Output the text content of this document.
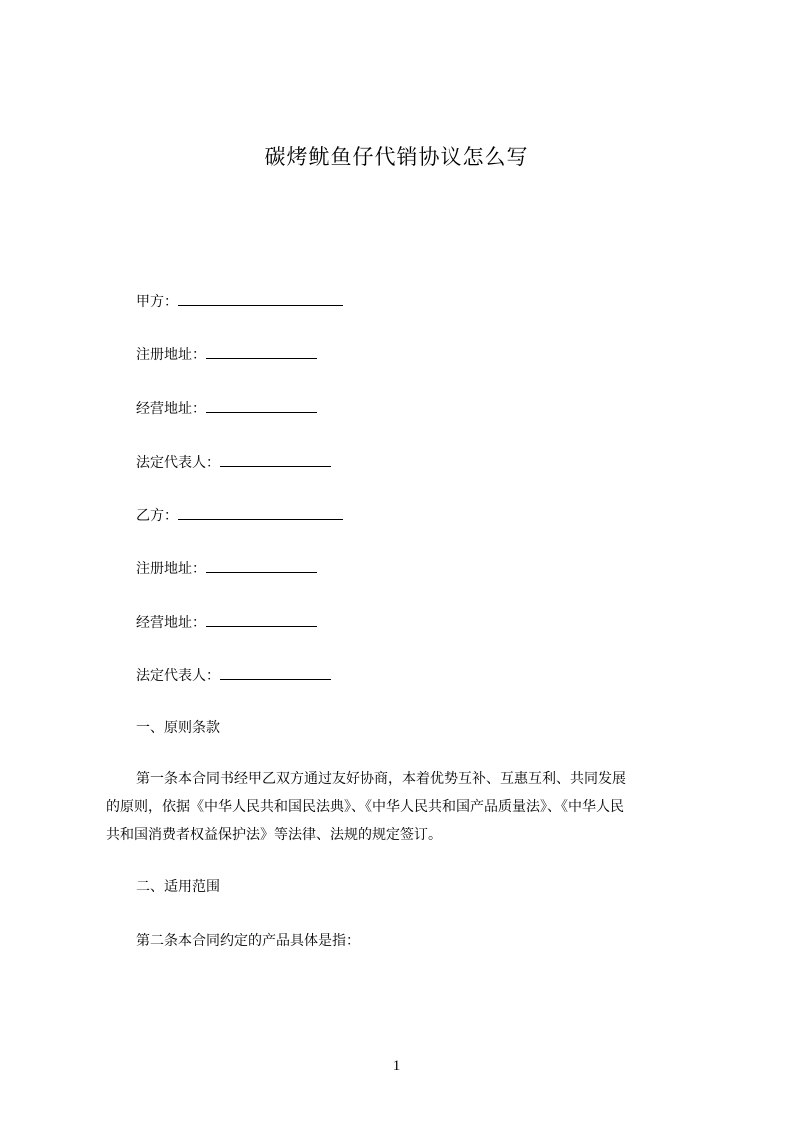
碳烤鱿鱼仔代销协议怎么写
甲方：
注册地址：
经营地址：
法定代表人：
乙方：
注册地址：
经营地址：
法定代表人：
一、原则条款
第一条本合同书经甲乙双方通过友好协商，本着优势互补、互惠互利、共同发展
的原则，依据《中华人民共和国民法典》、《中华人民共和国产品质量法》、《中华人民
共和国消费者权益保护法》等法律、法规的规定签订。
二、适用范围
第二条本合同约定的产品具体是指：
1
